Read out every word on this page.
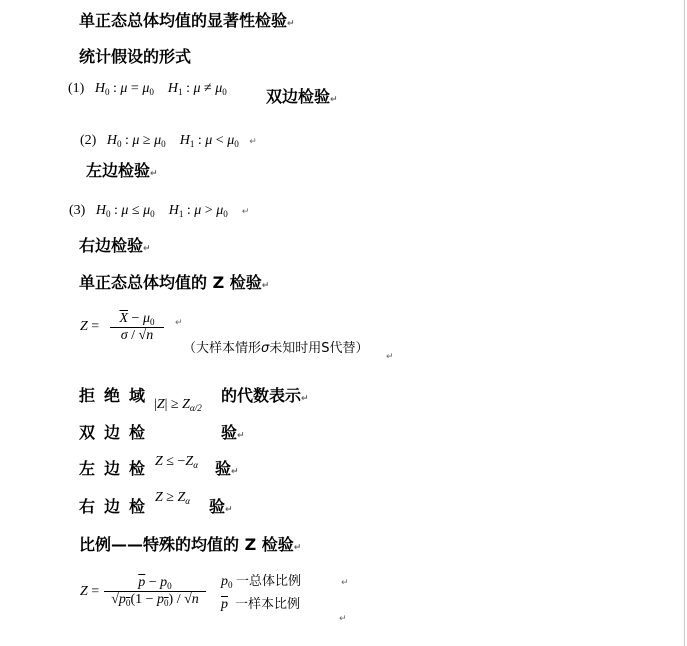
单正态总体均值的显著性检验↵
统计假设的形式
(1) $H_0$ : $\mu = \mu_0$ $H_1$ : $\mu \ne \mu_0$ 双边检验↵
(2) $H_0$ : $\mu \ge \mu_0$ $H_1$ : $\mu < \mu_0$ ↵
左边检验↵
(3) $H_0$ : $\mu \le \mu_0$ $H_1$ : $\mu > \mu_0$ ↵
右边检验↵
单正态总体均值的 Z 检验↵
$Z = \frac{\overline{X} - \mu_0}{\sigma / √n}$ ↵
（大样本情形σ未知时用S代替）
↵
拒绝域 $|Z| \ge Z_{\alpha/2}$
的代数表示↵
双边检	验↵
左边检 $Z \le -Z_\alpha$ 验↵
右边检 $Z \ge Z_\alpha$ 验↵
比例——特殊的均值的 Z 检验↵
$Z = \frac{\overline{p} - p_0}{√p_0(1 - p_0) / √n} p_0$ 一总体比例	↵
$\overline{p}$ 一样本比例
↵
